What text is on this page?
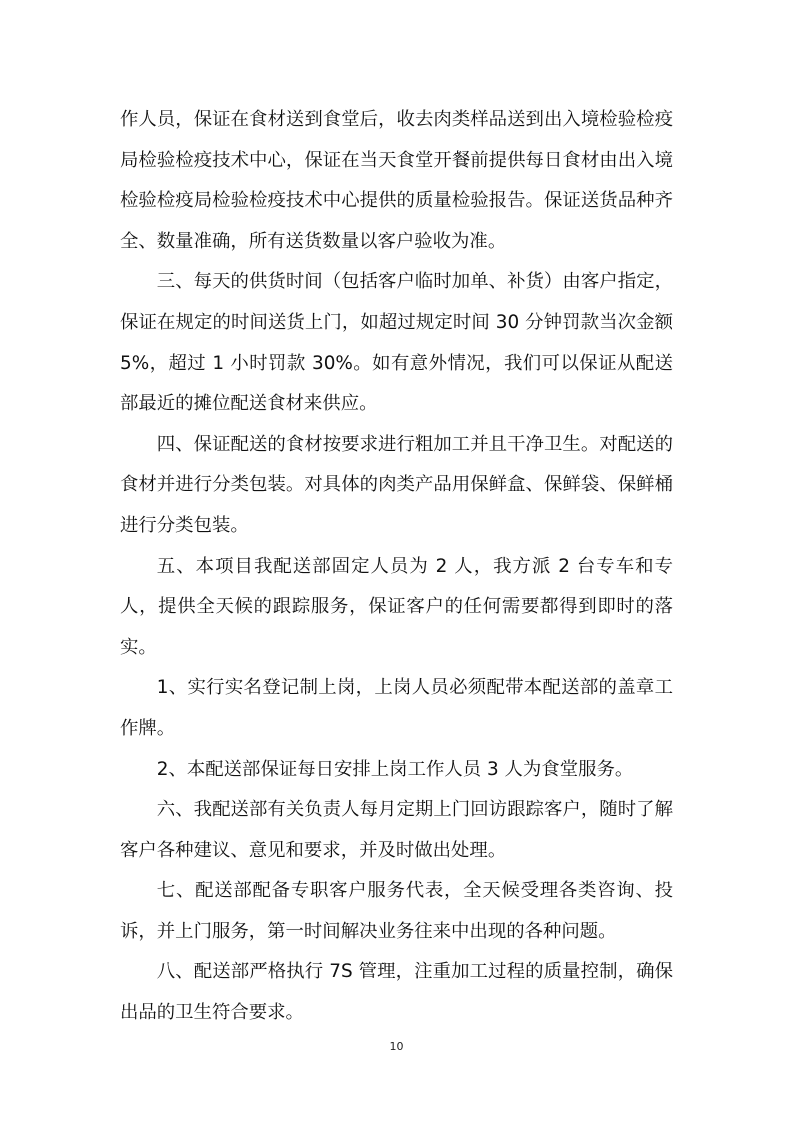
作人员，保证在食材送到食堂后，收去肉类样品送到出入境检验检疫局检验检疫技术中心，保证在当天食堂开餐前提供每日食材由出入境检验检疫局检验检疫技术中心提供的质量检验报告。保证送货品种齐全、数量准确，所有送货数量以客户验收为准。

三、每天的供货时间（包括客户临时加单、补货）由客户指定，保证在规定的时间送货上门，如超过规定时间 30 分钟罚款当次金额 5%，超过 1 小时罚款 30%。如有意外情况，我们可以保证从配送部最近的摊位配送食材来供应。

四、保证配送的食材按要求进行粗加工并且干净卫生。对配送的食材并进行分类包装。对具体的肉类产品用保鲜盒、保鲜袋、保鲜桶进行分类包装。

五、本项目我配送部固定人员为 2 人，我方派 2 台专车和专人，提供全天候的跟踪服务，保证客户的任何需要都得到即时的落实。

1、实行实名登记制上岗，上岗人员必须配带本配送部的盖章工作牌。

2、本配送部保证每日安排上岗工作人员 3 人为食堂服务。

六、我配送部有关负责人每月定期上门回访跟踪客户，随时了解客户各种建议、意见和要求，并及时做出处理。

七、配送部配备专职客户服务代表，全天候受理各类咨询、投诉，并上门服务，第一时间解决业务往来中出现的各种问题。

八、配送部严格执行 7S 管理，注重加工过程的质量控制，确保出品的卫生符合要求。

10
